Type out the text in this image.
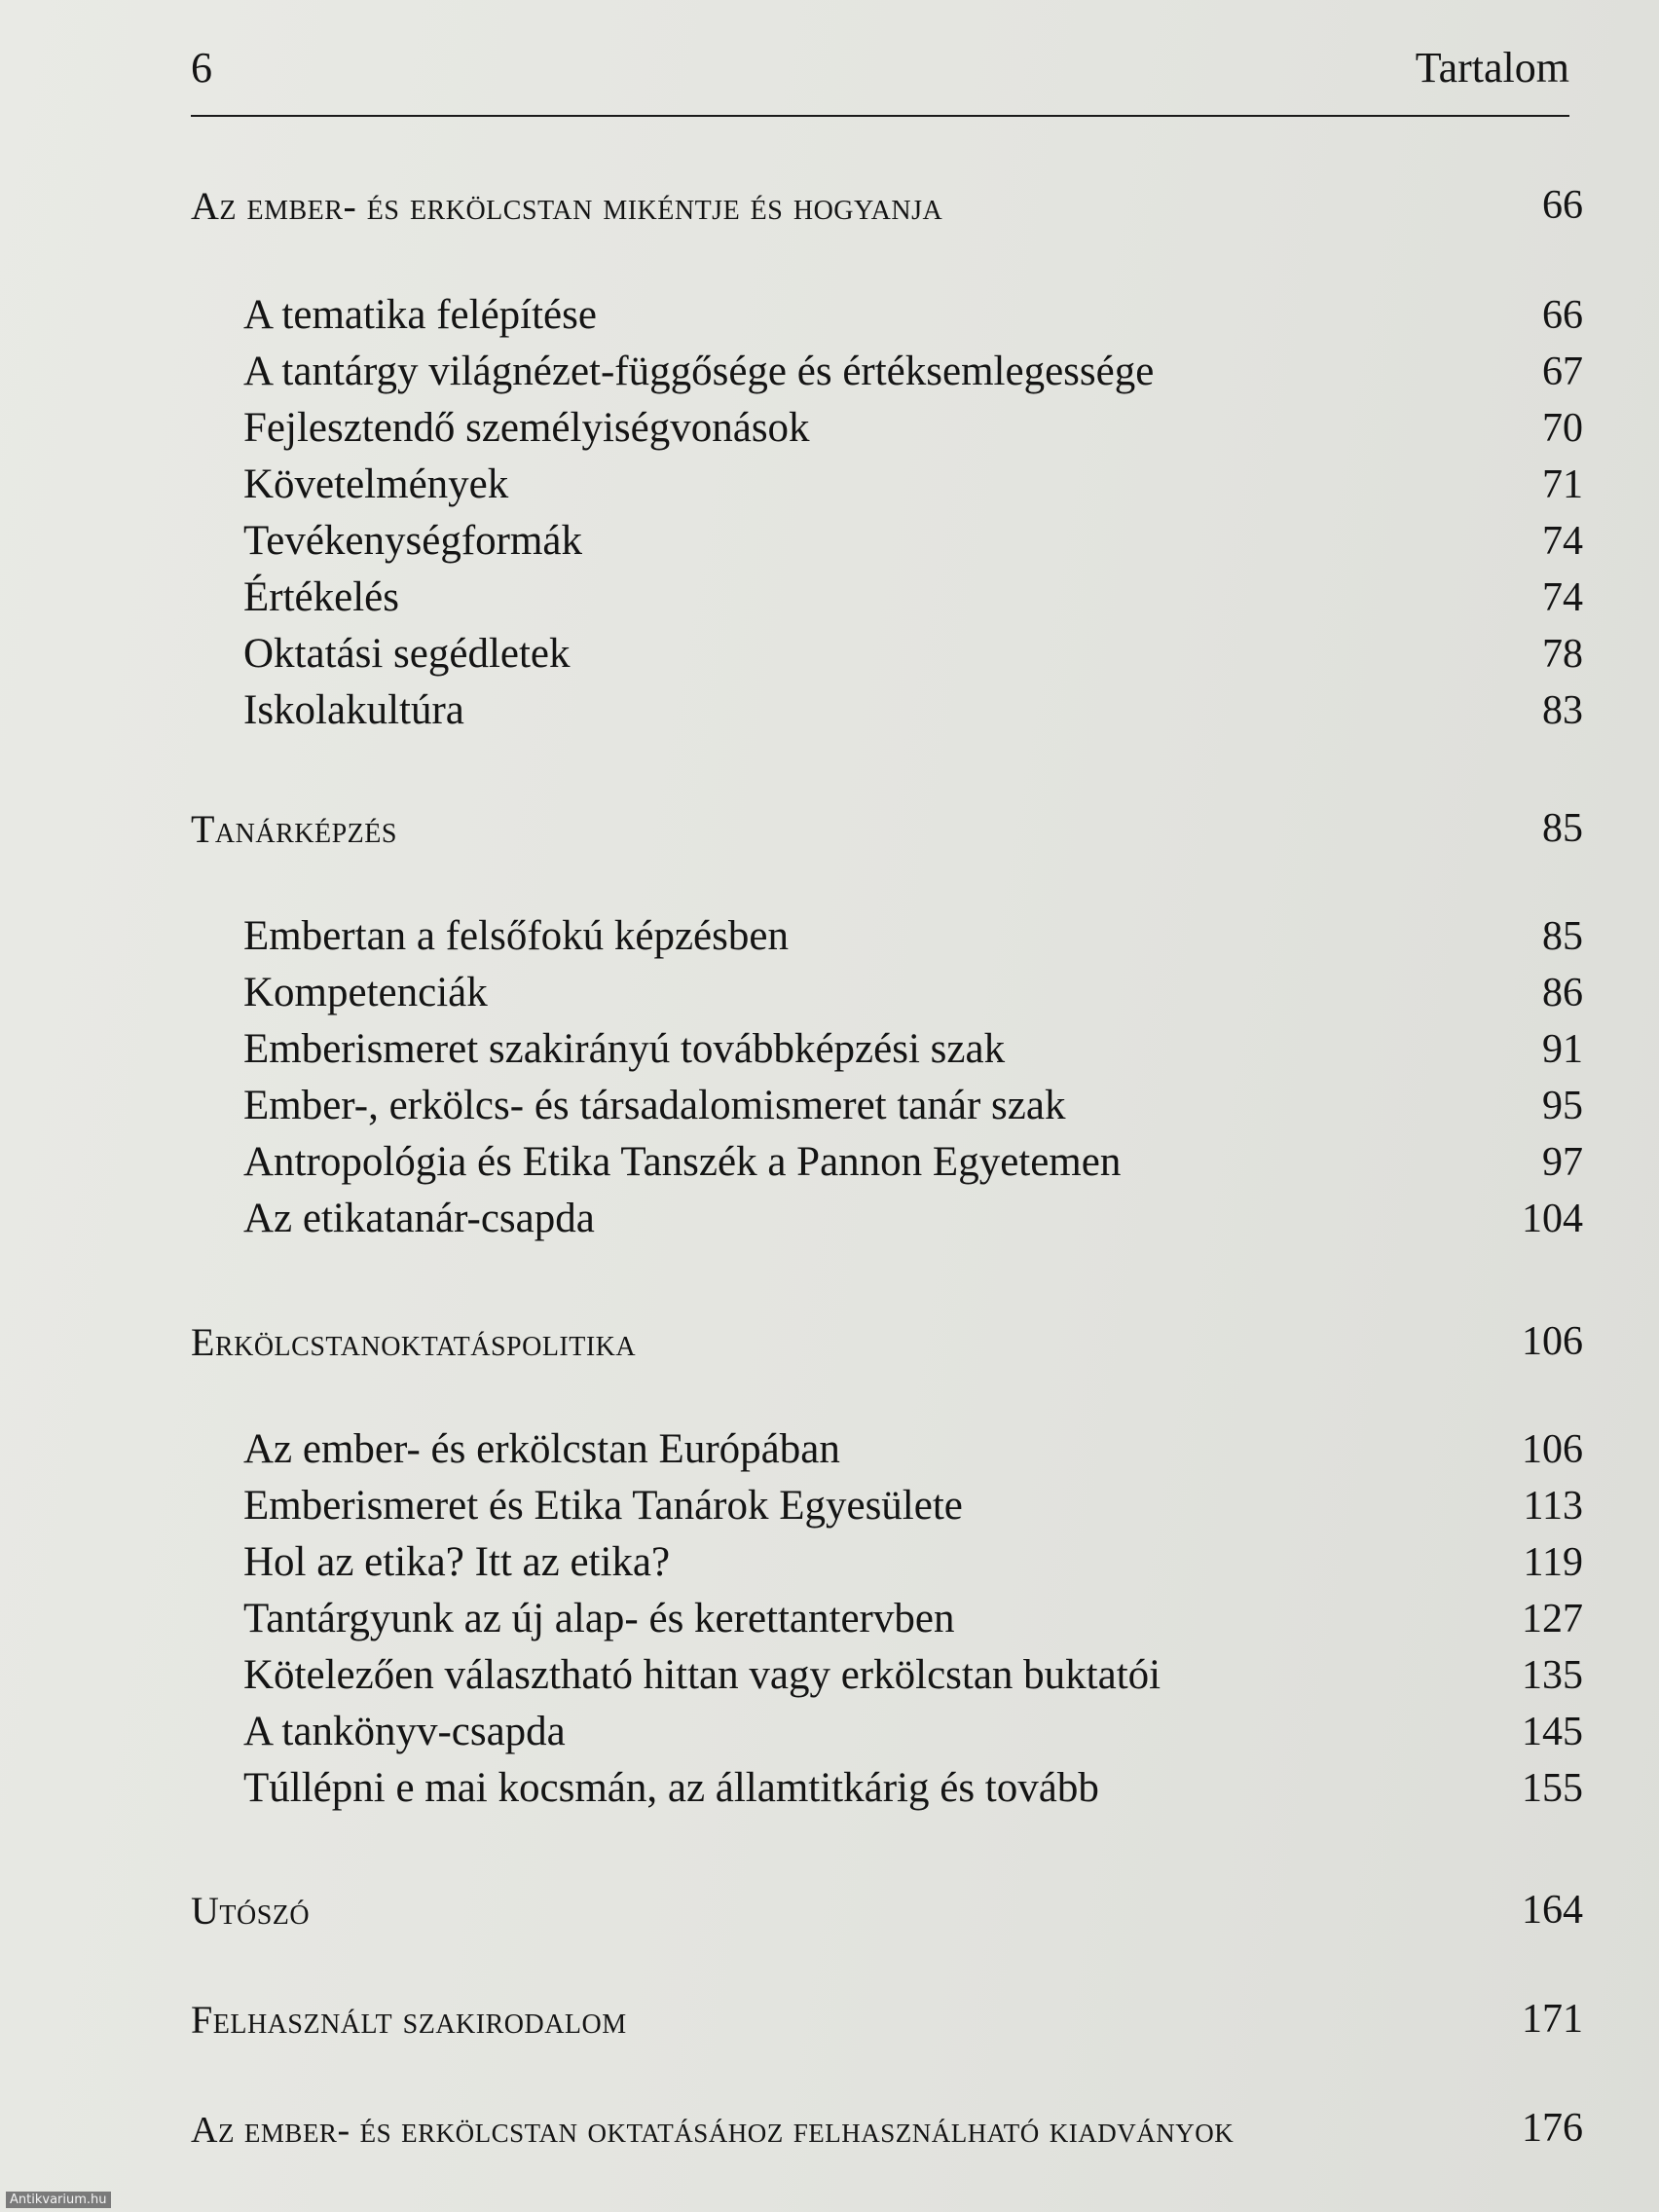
6	Tartalom
Az ember- és erkölcstan mikéntje és hogyanja	66
A tematika felépítése	66
A tantárgy világnézet-függősége és értéksemlegessége	67
Fejlesztendő személyiségvonások	70
Követelmények	71
Tevékenységformák	74
Értékelés	74
Oktatási segédletek	78
Iskolakultúra	83
Tanárképzés	85
Embertan a felsőfokú képzésben	85
Kompetenciák	86
Emberismeret szakirányú továbbképzési szak	91
Ember-, erkölcs- és társadalomismeret tanár szak	95
Antropológia és Etika Tanszék a Pannon Egyetemen	97
Az etikatanár-csapda	104
Erkölcstanoktatáspolitika	106
Az ember- és erkölcstan Európában	106
Emberismeret és Etika Tanárok Egyesülete	113
Hol az etika? Itt az etika?	119
Tantárgyunk az új alap- és kerettantervben	127
Kötelezően választható hittan vagy erkölcstan buktatói	135
A tankönyv-csapda	145
Túllépni e mai kocsmán, az államtitkárig és tovább	155
Utószó	164
Felhasznált szakirodalom	171
Az ember- és erkölcstan oktatásához felhasználható kiadványok	176
Antikvarium.hu
